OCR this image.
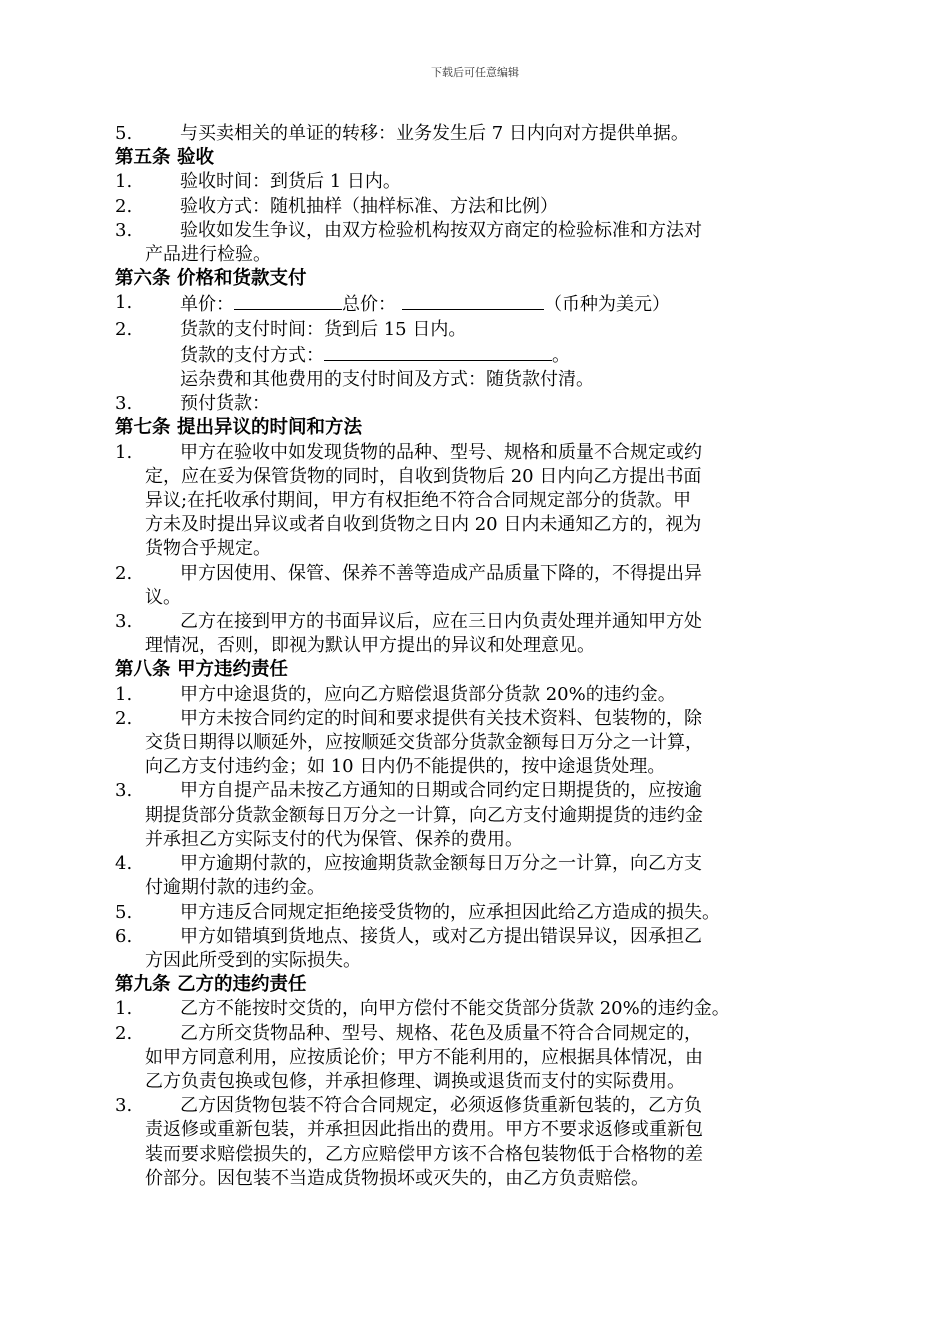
下载后可任意编辑
5.	与买卖相关的单证的转移：业务发生后 7 日内向对方提供单据。
第五条 验收
1.	验收时间：到货后 1 日内。
2.	验收方式：随机抽样（抽样标准、方法和比例）
3.	验收如发生争议，由双方检验机构按双方商定的检验标准和方法对
产品进行检验。
第六条 价格和货款支付
1.	单价：	总价：	（币种为美元）
2.	货款的支付时间：货到后 15 日内。
货款的支付方式：	。
运杂费和其他费用的支付时间及方式：随货款付清。
3.	预付货款：
第七条 提出异议的时间和方法
1.	甲方在验收中如发现货物的品种、型号、规格和质量不合规定或约
定，应在妥为保管货物的同时，自收到货物后 20 日内向乙方提出书面
异议;在托收承付期间，甲方有权拒绝不符合合同规定部分的货款。甲
方未及时提出异议或者自收到货物之日内 20 日内未通知乙方的，视为
货物合乎规定。
2.	甲方因使用、保管、保养不善等造成产品质量下降的，不得提出异
议。
3.	乙方在接到甲方的书面异议后，应在三日内负责处理并通知甲方处
理情况，否则，即视为默认甲方提出的异议和处理意见。
第八条 甲方违约责任
1.	甲方中途退货的，应向乙方赔偿退货部分货款 20%的违约金。
2.	甲方未按合同约定的时间和要求提供有关技术资料、包装物的，除
交货日期得以顺延外，应按顺延交货部分货款金额每日万分之一计算，
向乙方支付违约金；如 10 日内仍不能提供的，按中途退货处理。
3.	甲方自提产品未按乙方通知的日期或合同约定日期提货的，应按逾
期提货部分货款金额每日万分之一计算，向乙方支付逾期提货的违约金
并承担乙方实际支付的代为保管、保养的费用。
4.	甲方逾期付款的，应按逾期货款金额每日万分之一计算，向乙方支
付逾期付款的违约金。
5.	甲方违反合同规定拒绝接受货物的，应承担因此给乙方造成的损失。
6.	甲方如错填到货地点、接货人，或对乙方提出错误异议，因承担乙
方因此所受到的实际损失。
第九条 乙方的违约责任
1.	乙方不能按时交货的，向甲方偿付不能交货部分货款 20%的违约金。
2.	乙方所交货物品种、型号、规格、花色及质量不符合合同规定的，
如甲方同意利用，应按质论价；甲方不能利用的，应根据具体情况，由
乙方负责包换或包修，并承担修理、调换或退货而支付的实际费用。
3.	乙方因货物包装不符合合同规定，必须返修货重新包装的，乙方负
责返修或重新包装，并承担因此指出的费用。甲方不要求返修或重新包
装而要求赔偿损失的，乙方应赔偿甲方该不合格包装物低于合格物的差
价部分。因包装不当造成货物损坏或灭失的，由乙方负责赔偿。
